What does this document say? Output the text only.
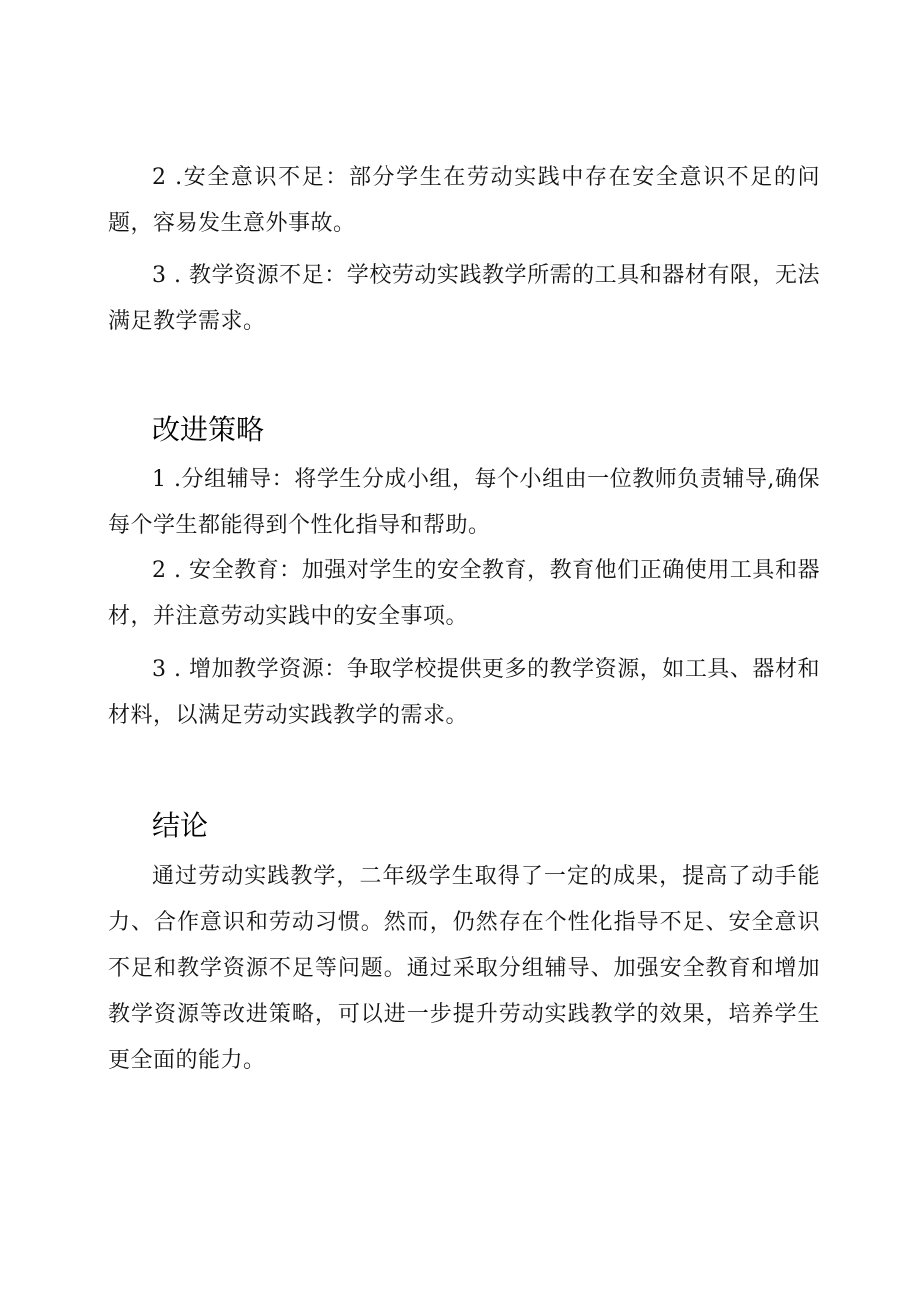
2 .安全意识不足：部分学生在劳动实践中存在安全意识不足的问题，容易发生意外事故。

3 . 教学资源不足：学校劳动实践教学所需的工具和器材有限，无法满足教学需求。

改进策略

1 .分组辅导：将学生分成小组，每个小组由一位教师负责辅导,确保每个学生都能得到个性化指导和帮助。

2 . 安全教育：加强对学生的安全教育，教育他们正确使用工具和器材，并注意劳动实践中的安全事项。

3 . 增加教学资源：争取学校提供更多的教学资源，如工具、器材和材料，以满足劳动实践教学的需求。

结论

通过劳动实践教学，二年级学生取得了一定的成果，提高了动手能力、合作意识和劳动习惯。然而，仍然存在个性化指导不足、安全意识不足和教学资源不足等问题。通过采取分组辅导、加强安全教育和增加教学资源等改进策略，可以进一步提升劳动实践教学的效果，培养学生更全面的能力。
